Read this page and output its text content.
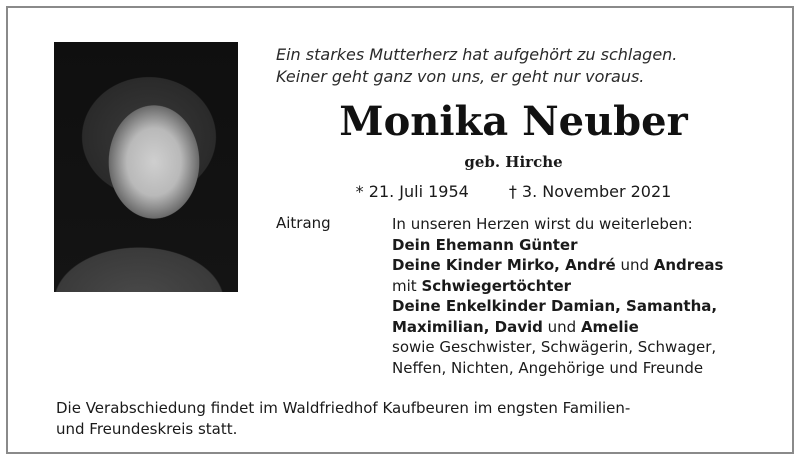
Ein starkes Mutterherz hat aufgehört zu schlagen.
Keiner geht ganz von uns, er geht nur voraus.
Monika Neuber
geb. Hirche
* 21. Juli 1954	† 3. November 2021
Aitrang	In unseren Herzen wirst du weiterleben:
Dein Ehemann Günter
Deine Kinder Mirko, André und Andreas
mit Schwiegertöchter
Deine Enkelkinder Damian, Samantha,
Maximilian, David und Amelie
sowie Geschwister, Schwägerin, Schwager,
Neffen, Nichten, Angehörige und Freunde
Die Verabschiedung findet im Waldfriedhof Kaufbeuren im engsten Familien-
und Freundeskreis statt.
